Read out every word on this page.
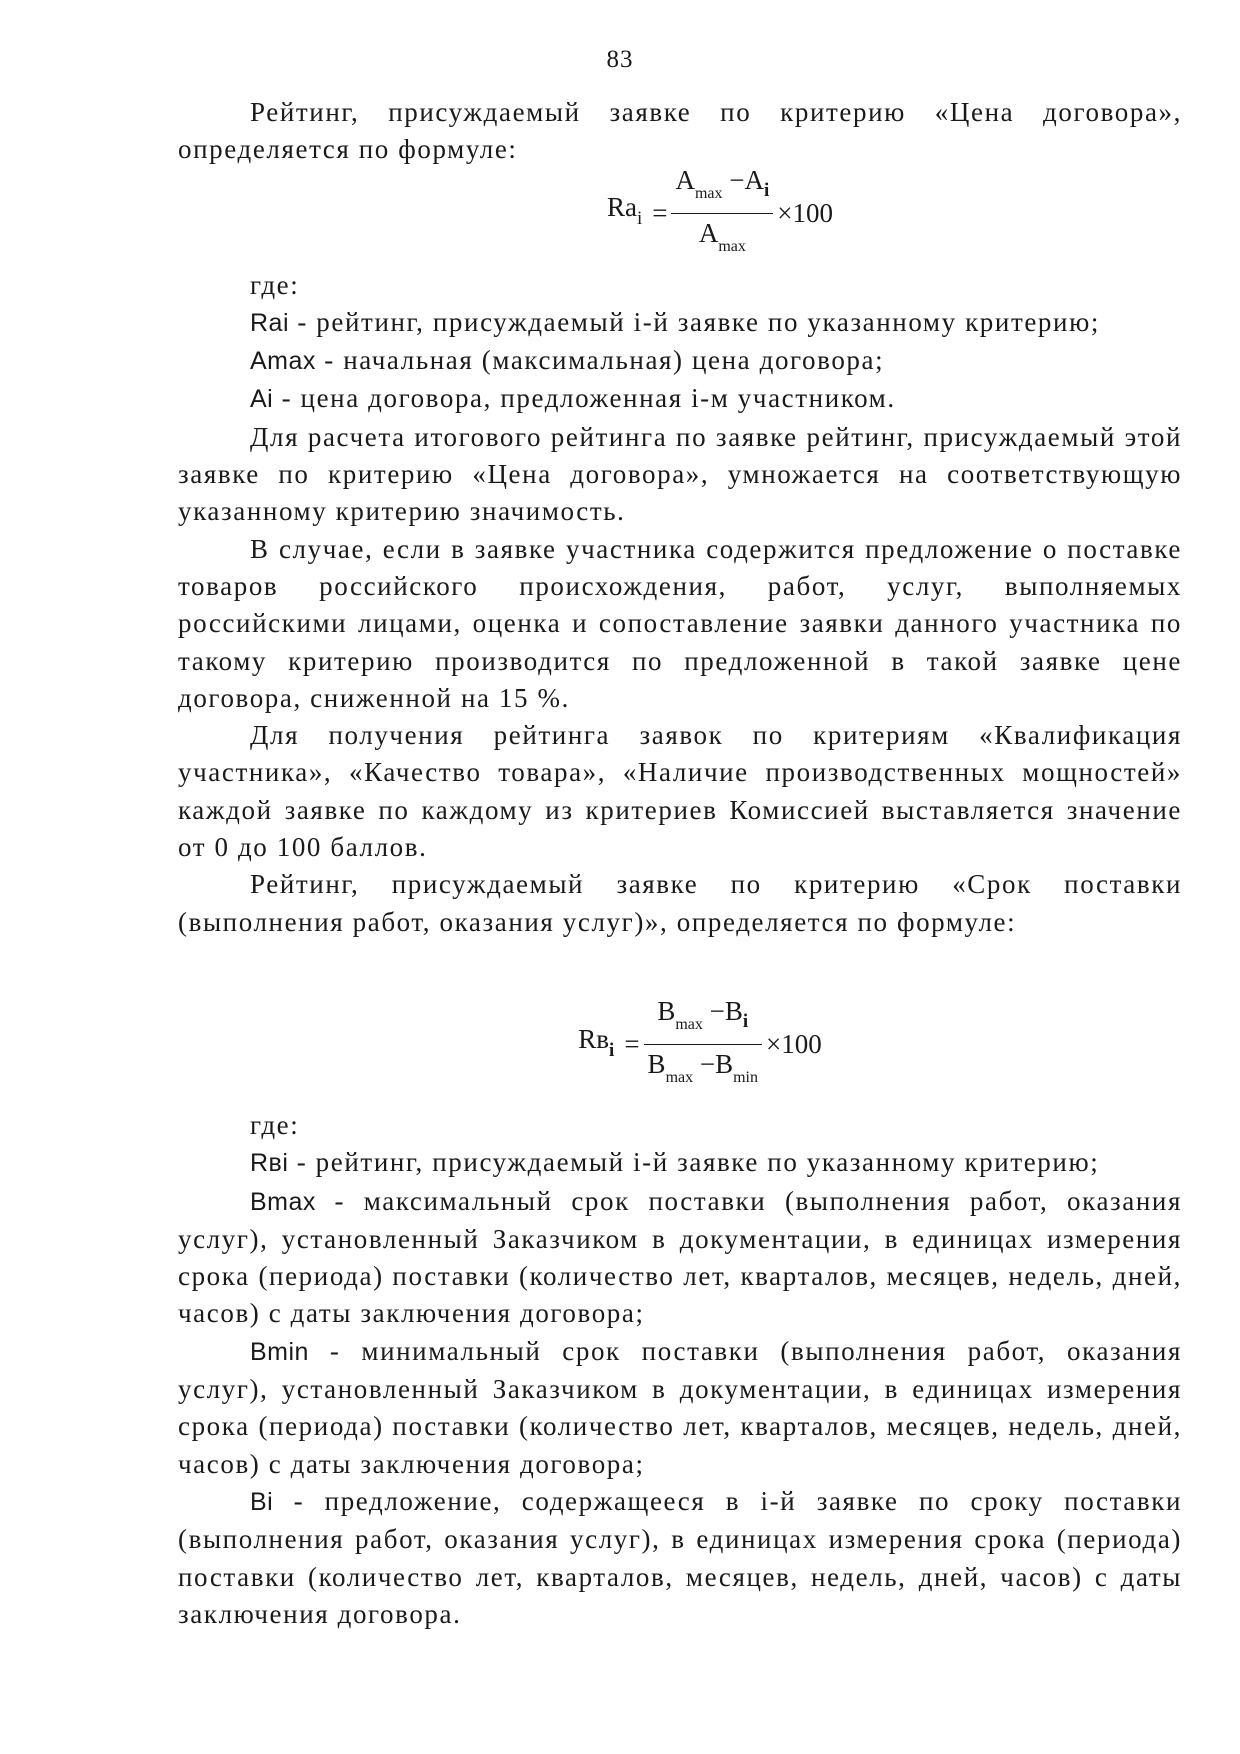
83

Рейтинг, присуждаемый заявке по критерию «Цена договора», определяется по формуле:

$Ra_i = \frac{A_{max} -A_i}{A_{max}} \times 100$

где:

Rai - рейтинг, присуждаемый i-й заявке по указанному критерию;

Amax - начальная (максимальная) цена договора;

Ai - цена договора, предложенная i-м участником.

Для расчета итогового рейтинга по заявке рейтинг, присуждаемый этой заявке по критерию «Цена договора», умножается на соответствующую указанному критерию значимость.

В случае, если в заявке участника содержится предложение о поставке товаров российского происхождения, работ, услуг, выполняемых российскими лицами, оценка и сопоставление заявки данного участника по такому критерию производится по предложенной в такой заявке цене договора, сниженной на 15 %.

Для получения рейтинга заявок по критериям «Квалификация участника», «Качество товара», «Наличие производственных мощностей» каждой заявке по каждому из критериев Комиссией выставляется значение от 0 до 100 баллов.

Рейтинг, присуждаемый заявке по критерию «Срок поставки (выполнения работ, оказания услуг)», определяется по формуле:

$Rв_i = \frac{B_{max} -B_i}{B_{max} -B_{min}} \times 100$

где:

Rвi - рейтинг, присуждаемый i-й заявке по указанному критерию;

Bmax - максимальный срок поставки (выполнения работ, оказания услуг), установленный Заказчиком в документации, в единицах измерения срока (периода) поставки (количество лет, кварталов, месяцев, недель, дней, часов) с даты заключения договора;

Bmin - минимальный срок поставки (выполнения работ, оказания услуг), установленный Заказчиком в документации, в единицах измерения срока (периода) поставки (количество лет, кварталов, месяцев, недель, дней, часов) с даты заключения договора;

Bi - предложение, содержащееся в i-й заявке по сроку поставки (выполнения работ, оказания услуг), в единицах измерения срока (периода) поставки (количество лет, кварталов, месяцев, недель, дней, часов) с даты заключения договора.
